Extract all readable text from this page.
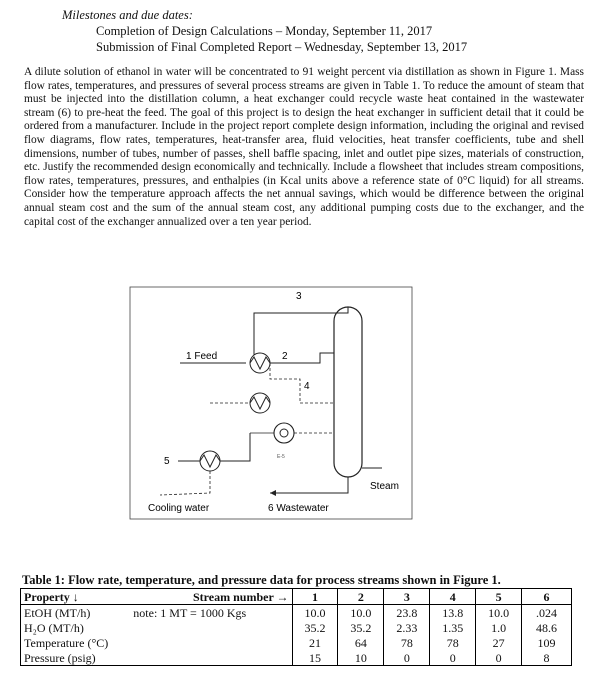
Milestones and due dates:
Completion of Design Calculations – Monday, September 11, 2017
Submission of Final Completed Report – Wednesday, September 13, 2017
A dilute solution of ethanol in water will be concentrated to 91 weight percent via distillation as shown in Figure 1. Mass flow rates, temperatures, and pressures of several process streams are given in Table 1. To reduce the amount of steam that must be injected into the distillation column, a heat exchanger could recycle waste heat contained in the wastewater stream (6) to pre-heat the feed. The goal of this project is to design the heat exchanger in sufficient detail that it could be ordered from a manufacturer. Include in the project report complete design information, including the original and revised flow diagrams, flow rates, temperatures, heat-transfer area, fluid velocities, heat transfer coefficients, tube and shell dimensions, number of tubes, number of passes, shell baffle spacing, inlet and outlet pipe sizes, materials of construction, etc. Justify the recommended design economically and technically. Include a flowsheet that includes stream compositions, flow rates, temperatures, pressures, and enthalpies (in Kcal units above a reference state of 0°C liquid) for all streams. Consider how the temperature approach affects the net annual savings, which would be difference between the original annual steam cost and the sum of the annual steam cost, any additional pumping costs due to the exchanger, and the capital cost of the exchanger annualized over a ten year period.
3
1 Feed	2
4
E-5
5
Cooling water	6 Wastewater
Steam
Table 1: Flow rate, temperature, and pressure data for process streams shown in Figure 1.
Property ↓	Stream number →	1	2	3	4	5	6
EtOH (MT/h)	note: 1 MT = 1000 Kgs	10.0	10.0	23.8	13.8	10.0	.024
H₂O (MT/h)		35.2	35.2	2.33	1.35	1.0	48.6
Temperature (°C)		21	64	78	78	27	109
Pressure (psig)		15	10	0	0	0	8
